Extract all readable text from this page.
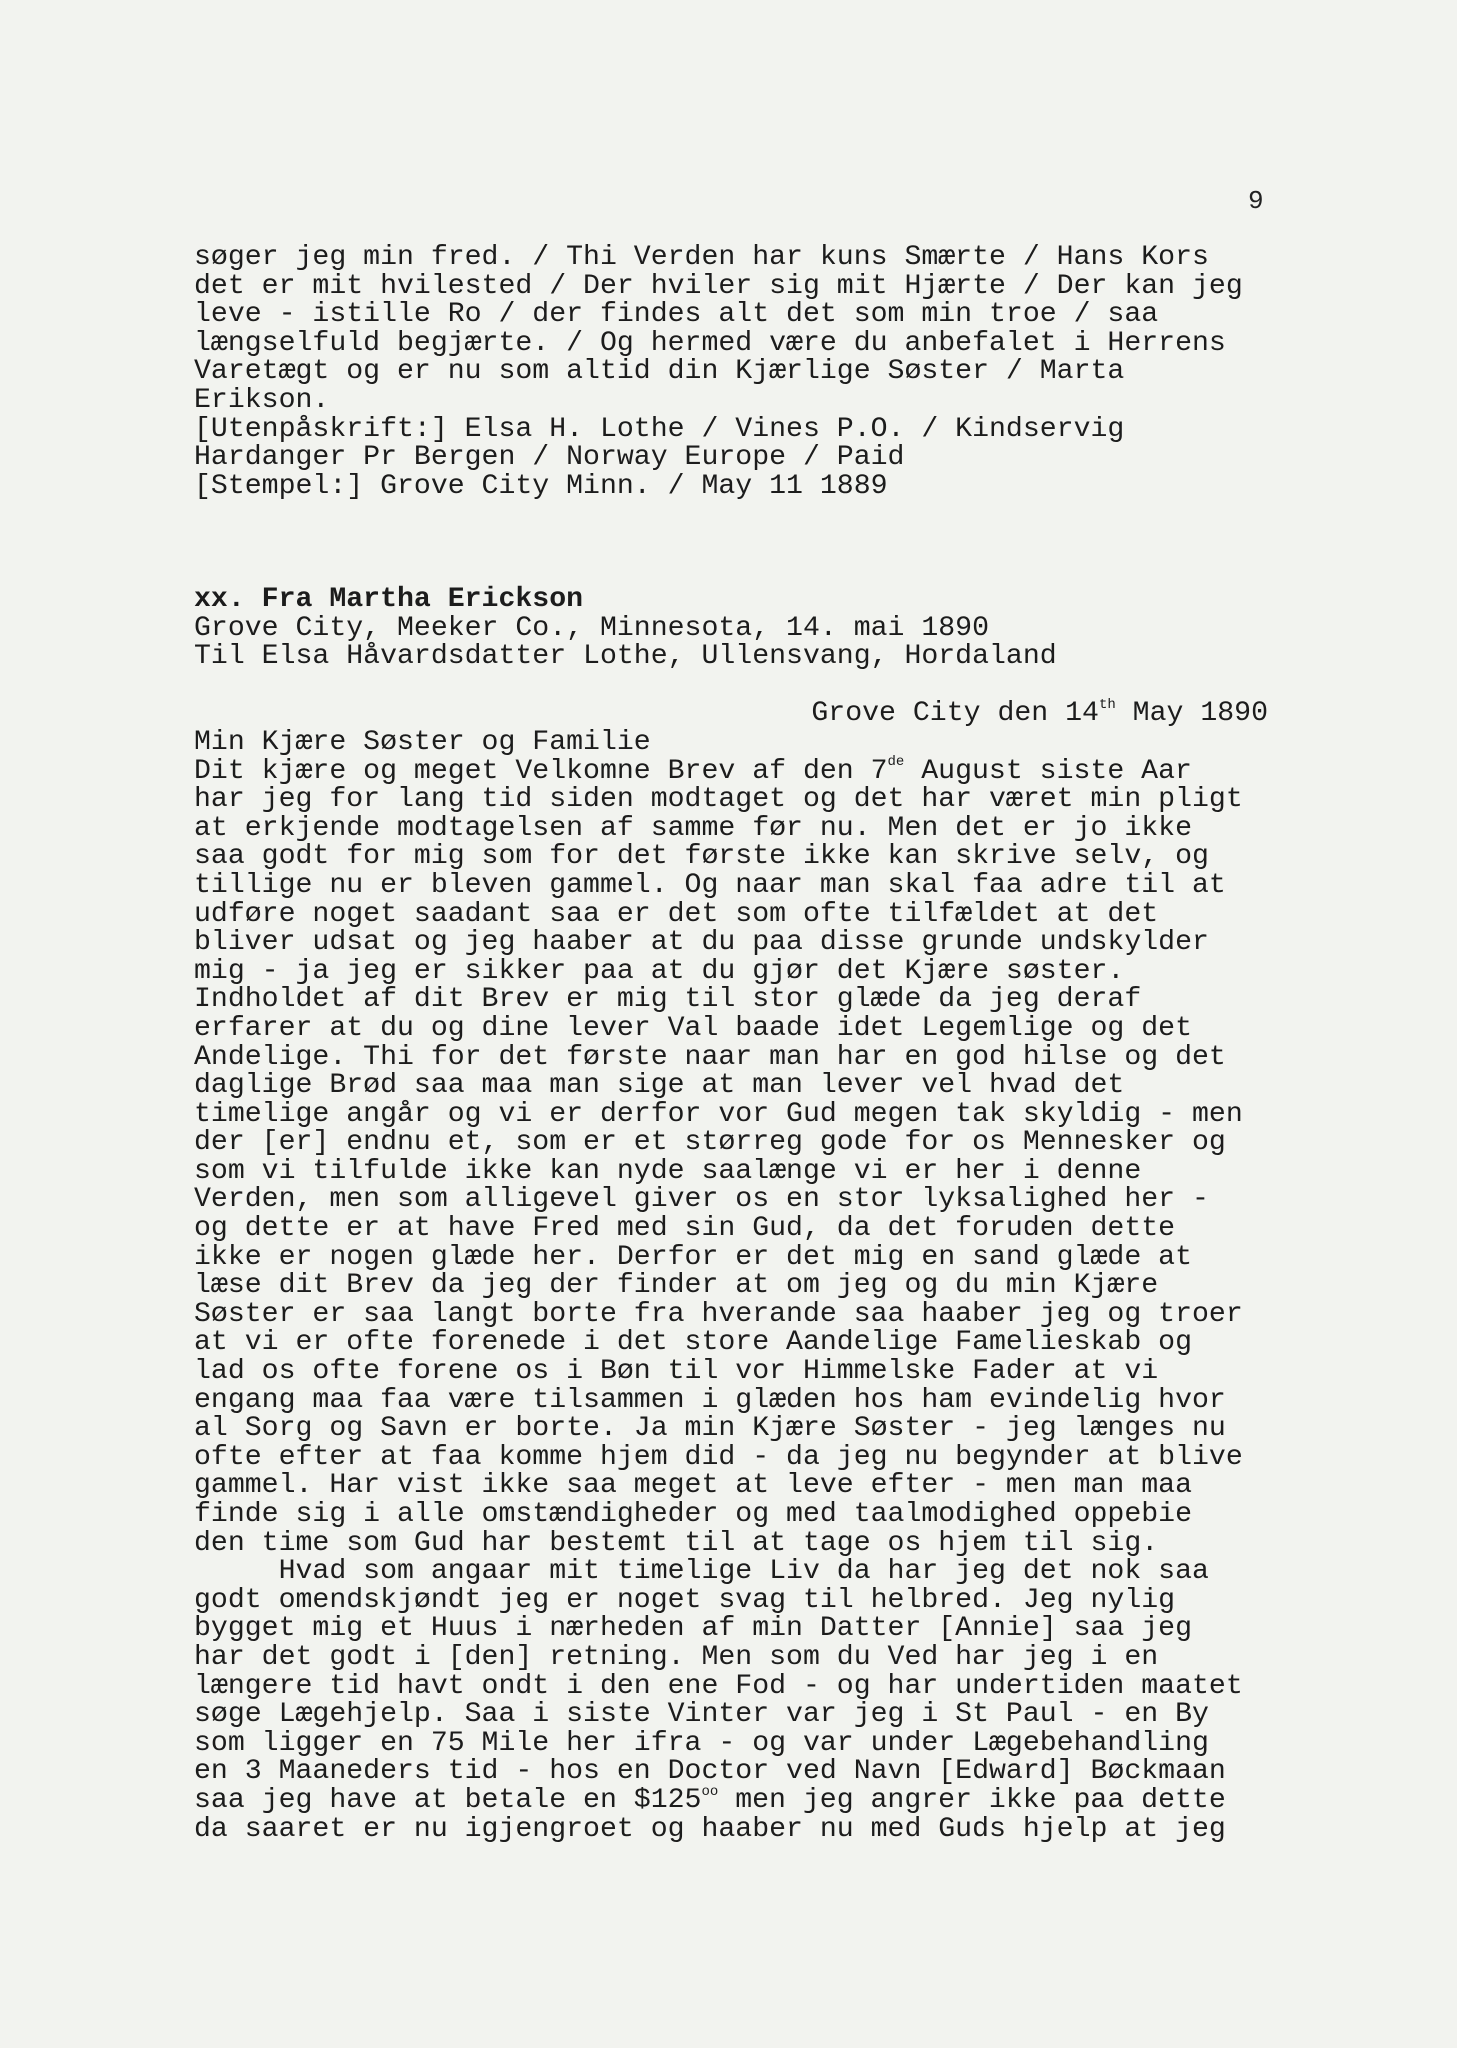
9
søger jeg min fred. / Thi Verden har kuns Smærte / Hans Kors
det er mit hvilested / Der hviler sig mit Hjærte / Der kan jeg
leve - istille Ro / der findes alt det som min troe / saa
længselfuld begjærte. / Og hermed være du anbefalet i Herrens
Varetægt og er nu som altid din Kjærlige Søster / Marta
Erikson.
[Utenpåskrift:] Elsa H. Lothe / Vines P.O. / Kindservig
Hardanger Pr Bergen / Norway Europe / Paid
[Stempel:] Grove City Minn. / May 11 1889
xx. Fra Martha Erickson
Grove City, Meeker Co., Minnesota, 14. mai 1890
Til Elsa Håvardsdatter Lothe, Ullensvang, Hordaland
Grove City den 14th May 1890
Min Kjære Søster og Familie
Dit kjære og meget Velkomne Brev af den 7de August siste Aar
har jeg for lang tid siden modtaget og det har været min pligt
at erkjende modtagelsen af samme før nu. Men det er jo ikke
saa godt for mig som for det første ikke kan skrive selv, og
tillige nu er bleven gammel. Og naar man skal faa adre til at
udføre noget saadant saa er det som ofte tilfældet at det
bliver udsat og jeg haaber at du paa disse grunde undskylder
mig - ja jeg er sikker paa at du gjør det Kjære søster.
Indholdet af dit Brev er mig til stor glæde da jeg deraf
erfarer at du og dine lever Val baade idet Legemlige og det
Andelige. Thi for det første naar man har en god hilse og det
daglige Brød saa maa man sige at man lever vel hvad det
timelige angår og vi er derfor vor Gud megen tak skyldig - men
der [er] endnu et, som er et størreg gode for os Mennesker og
som vi tilfulde ikke kan nyde saalænge vi er her i denne
Verden, men som alligevel giver os en stor lyksalighed her -
og dette er at have Fred med sin Gud, da det foruden dette
ikke er nogen glæde her. Derfor er det mig en sand glæde at
læse dit Brev da jeg der finder at om jeg og du min Kjære
Søster er saa langt borte fra hverande saa haaber jeg og troer
at vi er ofte forenede i det store Aandelige Famelieskab og
lad os ofte forene os i Bøn til vor Himmelske Fader at vi
engang maa faa være tilsammen i glæden hos ham evindelig hvor
al Sorg og Savn er borte. Ja min Kjære Søster - jeg længes nu
ofte efter at faa komme hjem did - da jeg nu begynder at blive
gammel. Har vist ikke saa meget at leve efter - men man maa
finde sig i alle omstændigheder og med taalmodighed oppebie
den time som Gud har bestemt til at tage os hjem til sig.
Hvad som angaar mit timelige Liv da har jeg det nok saa
godt omendskjøndt jeg er noget svag til helbred. Jeg nylig
bygget mig et Huus i nærheden af min Datter [Annie] saa jeg
har det godt i [den] retning. Men som du Ved har jeg i en
længere tid havt ondt i den ene Fod - og har undertiden maatet
søge Lægehjelp. Saa i siste Vinter var jeg i St Paul - en By
som ligger en 75 Mile her ifra - og var under Lægebehandling
en 3 Maaneders tid - hos en Doctor ved Navn [Edward] Bøckmaan
saa jeg have at betale en $\$125^{oo}$ men jeg angrer ikke paa dette
da saaret er nu igjengroet og haaber nu med Guds hjelp at jeg
